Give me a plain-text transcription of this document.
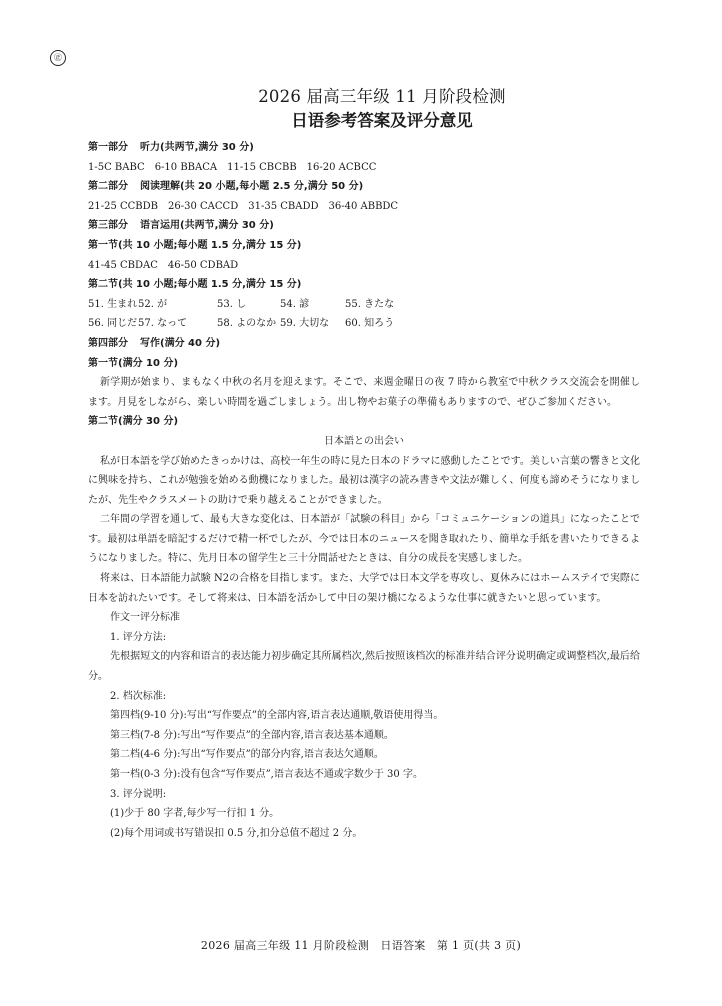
㊣
2026 届高三年级 11 月阶段检测
日语参考答案及评分意见
第一部分 听力(共两节,满分 30 分)
1-5C BABC　6-10 BBACA　11-15 CBCBB　16-20 ACBCC
第二部分 阅读理解(共 20 小题,每小题 2.5 分,满分 50 分)
21-25 CCBDB　26-30 CACCD　31-35 CBADD　36-40 ABBDC
第三部分 语言运用(共两节,满分 30 分)
第一节(共 10 小题;每小题 1.5 分,满分 15 分)
41-45 CBDAC　46-50 CDBAD
第二节(共 10 小题;每小题 1.5 分,满分 15 分)
51. 生まれ 52. が	53. し	54. 諺	55. きたな
56. 同じだ 57. なって	58. よのなか 59. 大切な	60. 知ろう
第四部分 写作(满分 40 分)
第一节(满分 10 分)
新学期が始まり、まもなく中秋の名月を迎えます。そこで、来週金曜日の夜 7 時から教室で中秋クラス交流会を開催します。月見をしながら、楽しい時間を過ごしましょう。出し物やお菓子の準備もありますので、ぜひご参加ください。
第二节(满分 30 分)
日本語との出会い
私が日本語を学び始めたきっかけは、高校一年生の時に見た日本のドラマに感動したことです。美しい言葉の響きと文化に興味を持ち、これが勉強を始める動機になりました。最初は漢字の読み書きや文法が難しく、何度も諦めそうになりましたが、先生やクラスメートの助けで乗り越えることができました。
二年間の学習を通して、最も大きな変化は、日本語が「試験の科目」から「コミュニケーションの道具」になったことです。最初は単語を暗記するだけで精一杯でしたが、今では日本のニュースを聞き取れたり、簡単な手紙を書いたりできるようになりました。特に、先月日本の留学生と三十分間話せたときは、自分の成長を実感しました。
将来は、日本語能力試験 N2の合格を目指します。また、大学では日本文学を専攻し、夏休みにはホームステイで実際に日本を訪れたいです。そして将来は、日本語を活かして中日の架け橋になるような仕事に就きたいと思っています。
作文一评分标准
1. 评分方法:
先根据短文的内容和语言的表达能力初步确定其所属档次,然后按照该档次的标准并结合评分说明确定或调整档次,最后给分。
2. 档次标准:
第四档(9-10 分):写出“写作要点”的全部内容,语言表达通顺,敬语使用得当。
第三档(7-8 分):写出“写作要点”的全部内容,语言表达基本通顺。
第二档(4-6 分):写出“写作要点”的部分内容,语言表达欠通顺。
第一档(0-3 分):没有包含“写作要点”,语言表达不通或字数少于 30 字。
3. 评分说明:
(1)少于 80 字者,每少写一行扣 1 分。
(2)每个用词或书写错误扣 0.5 分,扣分总值不超过 2 分。
2026 届高三年级 11 月阶段检测　日语答案　第 1 页(共 3 页)
